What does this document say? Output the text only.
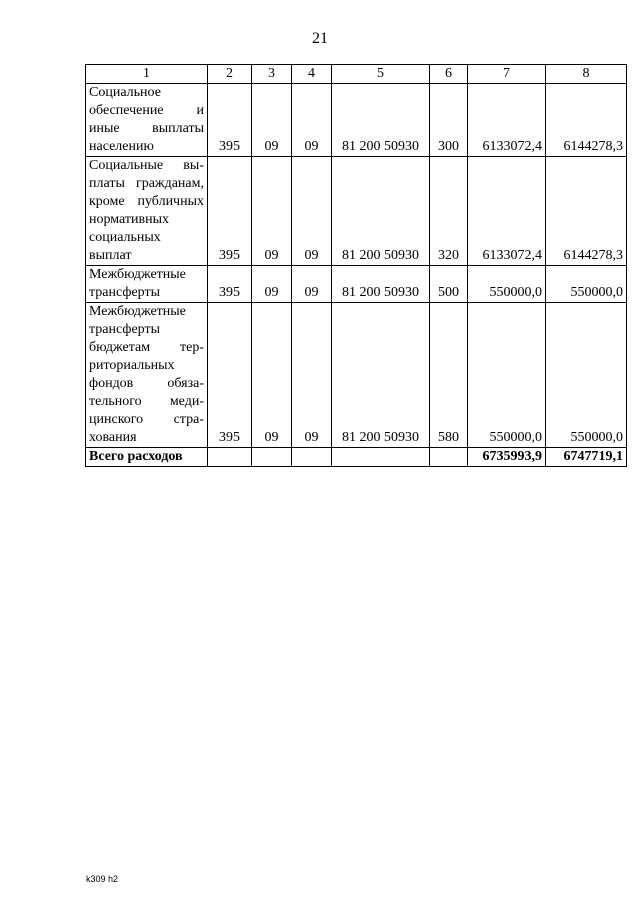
21
1	2	3	4	5	6	7	8
Социальное обеспечение и иные выплаты населению	395	09	09	81 200 50930	300	6133072,4	6144278,3
Социальные выплаты гражданам, кроме публичных нормативных социальных выплат	395	09	09	81 200 50930	320	6133072,4	6144278,3
Межбюджетные трансферты	395	09	09	81 200 50930	500	550000,0	550000,0
Межбюджетные трансферты бюджетам территориальных фондов обязательного медицинского страхования	395	09	09	81 200 50930	580	550000,0	550000,0
Всего расходов						6735993,9	6747719,1
k309 h2
